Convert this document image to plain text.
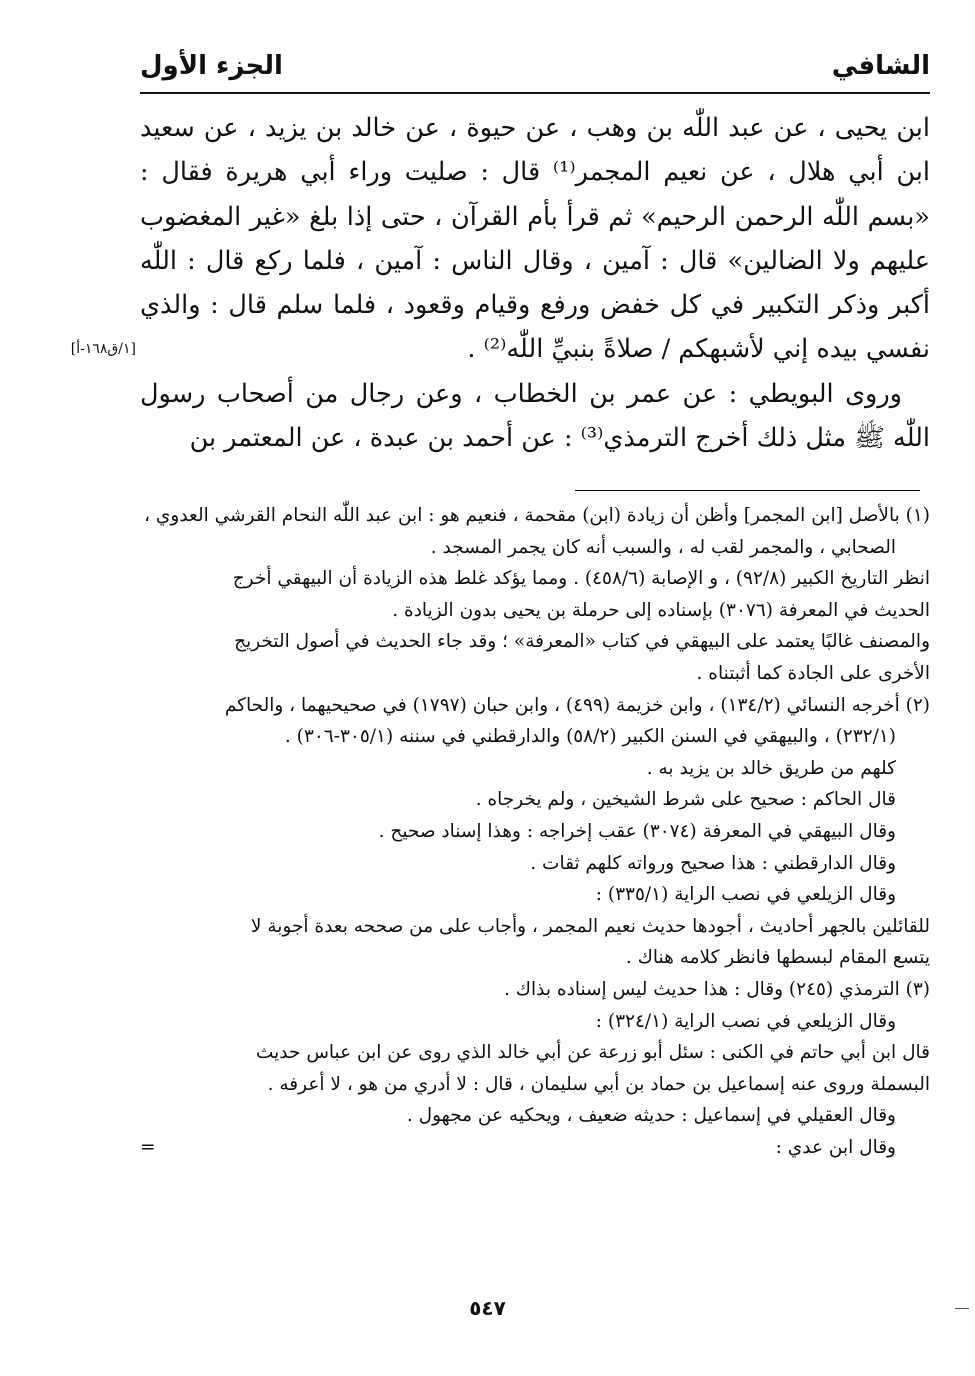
الشافي
الجزء الأول

ابن يحيى ، عن عبد اللّٰه بن وهب ، عن حيوة ، عن خالد بن يزيد ، عن سعيد ابن أبي هلال ، عن نعيم المجمر⁽¹⁾ قال : صليت وراء أبي هريرة فقال : «بسم اللّٰه الرحمن الرحيم» ثم قرأ بأم القرآن ، حتى إذا بلغ «غير المغضوب عليهم ولا الضالين» قال : آمين ، وقال الناس : آمين ، فلما ركع قال : اللّٰه أكبر وذكر التكبير في كل خفض ورفع وقيام وقعود ، فلما سلم قال : والذي نفسي بيده إني لأشبهكم / صلاةً بنبيِّ اللّٰه⁽²⁾ .

وروى البويطي : عن عمر بن الخطاب ، وعن رجال من أصحاب رسول اللّٰه ﷺ مثل ذلك أخرج الترمذي⁽³⁾ : عن أحمد بن عبدة ، عن المعتمر بن

[١/ق١٦٨-أ]

(١) بالأصل [ابن المجمر] وأظن أن زيادة (ابن) مقحمة ، فنعيم هو : ابن عبد اللّٰه النحام القرشي العدوي ،

الصحابي ، والمجمر لقب له ، والسبب أنه كان يجمر المسجد .

انظر التاريخ الكبير (٩٢/٨) ، و الإصابة (٤٥٨/٦) . ومما يؤكد غلط هذه الزيادة أن البيهقي أخرج

الحديث في المعرفة (٣٠٧٦) بإسناده إلى حرملة بن يحيى بدون الزيادة .

والمصنف غالبًا يعتمد على البيهقي في كتاب «المعرفة» ؛ وقد جاء الحديث في أصول التخريج

الأخرى على الجادة كما أثبتناه .

(٢) أخرجه النسائي (١٣٤/٢) ، وابن خزيمة (٤٩٩) ، وابن حبان (١٧٩٧) في صحيحيهما ، والحاكم

(٢٣٢/١) ، والبيهقي في السنن الكبير (٥٨/٢) والدارقطني في سننه (٣٠٥/١-٣٠٦) .

كلهم من طريق خالد بن يزيد به .

قال الحاكم : صحيح على شرط الشيخين ، ولم يخرجاه .

وقال البيهقي في المعرفة (٣٠٧٤) عقب إخراجه : وهذا إسناد صحيح .

وقال الدارقطني : هذا صحيح ورواته كلهم ثقات .

وقال الزيلعي في نصب الراية (٣٣٥/١) :

للقائلين بالجهر أحاديث ، أجودها حديث نعيم المجمر ، وأجاب على من صححه بعدة أجوبة لا

يتسع المقام لبسطها فانظر كلامه هناك .

(٣) الترمذي (٢٤٥) وقال : هذا حديث ليس إسناده بذاك .

وقال الزيلعي في نصب الراية (٣٢٤/١) :

قال ابن أبي حاتم في الكنى : سئل أبو زرعة عن أبي خالد الذي روى عن ابن عباس حديث

البسملة وروى عنه إسماعيل بن حماد بن أبي سليمان ، قال : لا أدري من هو ، لا أعرفه .

وقال العقيلي في إسماعيل : حديثه ضعيف ، ويحكيه عن مجهول .

وقال ابن عدي :
=

٥٤٧
